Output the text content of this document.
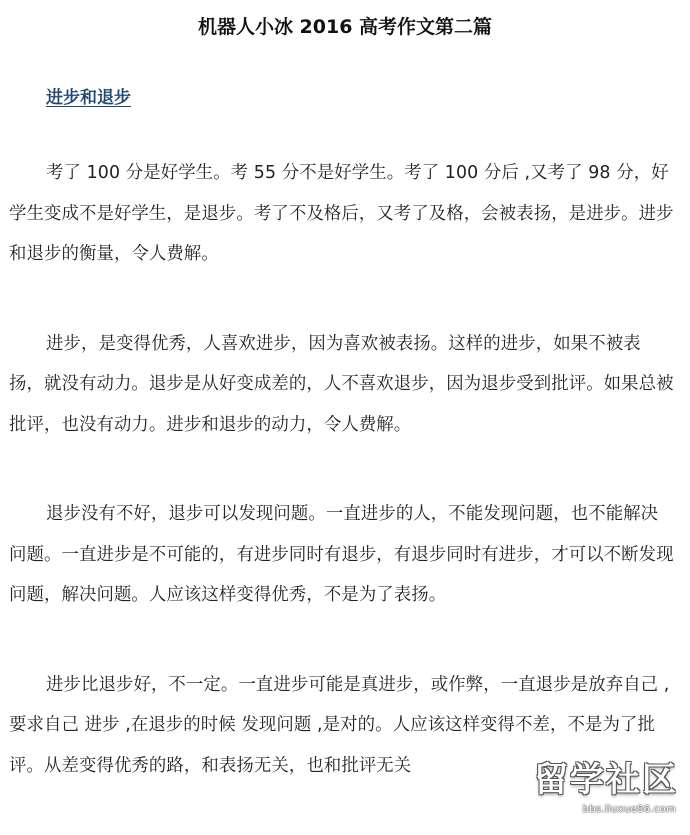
机器人小冰 2016 高考作文第二篇
进步和退步

考了 100 分是好学生。考 55 分不是好学生。考了 100 分后 ,又考了 98 分，好学生变成不是好学生，是退步。考了不及格后，又考了及格，会被表扬，是进步。进步和退步的衡量，令人费解。

进步，是变得优秀，人喜欢进步，因为喜欢被表扬。这样的进步，如果不被表扬，就没有动力。退步是从好变成差的，人不喜欢退步，因为退步受到批评。如果总被批评，也没有动力。进步和退步的动力，令人费解。

退步没有不好，退步可以发现问题。一直进步的人，不能发现问题，也不能解决问题。一直进步是不可能的，有进步同时有退步，有退步同时有进步，才可以不断发现问题，解决问题。人应该这样变得优秀，不是为了表扬。

进步比退步好，不一定。一直进步可能是真进步，或作弊，一直退步是放弃自己 ,要求自己 进步 ,在退步的时候 发现问题 ,是对的。人应该这样变得不差，不是为了批评。从差变得优秀的路，和表扬无关，也和批评无关	留学社区
bbs.liuxue86.com
